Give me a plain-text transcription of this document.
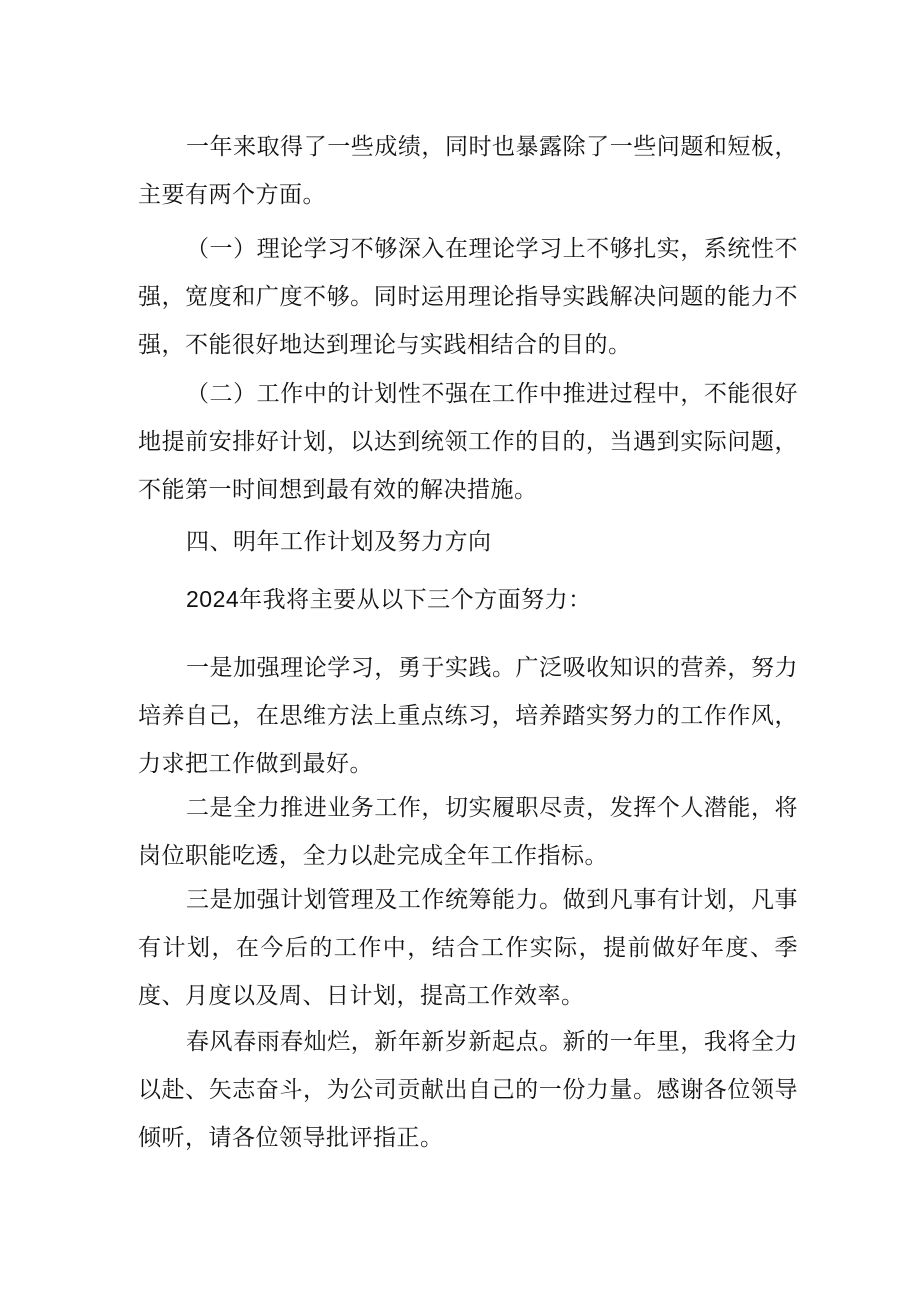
一年来取得了一些成绩，同时也暴露除了一些问题和短板，主要有两个方面。

（一）理论学习不够深入在理论学习上不够扎实，系统性不强，宽度和广度不够。同时运用理论指导实践解决问题的能力不强，不能很好地达到理论与实践相结合的目的。

（二）工作中的计划性不强在工作中推进过程中，不能很好地提前安排好计划，以达到统领工作的目的，当遇到实际问题，不能第一时间想到最有效的解决措施。

四、明年工作计划及努力方向

2024年我将主要从以下三个方面努力：

一是加强理论学习，勇于实践。广泛吸收知识的营养，努力培养自己，在思维方法上重点练习，培养踏实努力的工作作风，力求把工作做到最好。

二是全力推进业务工作，切实履职尽责，发挥个人潜能，将岗位职能吃透，全力以赴完成全年工作指标。

三是加强计划管理及工作统筹能力。做到凡事有计划，凡事有计划，在今后的工作中，结合工作实际，提前做好年度、季度、月度以及周、日计划，提高工作效率。

春风春雨春灿烂，新年新岁新起点。新的一年里，我将全力以赴、矢志奋斗，为公司贡献出自己的一份力量。感谢各位领导倾听，请各位领导批评指正。
